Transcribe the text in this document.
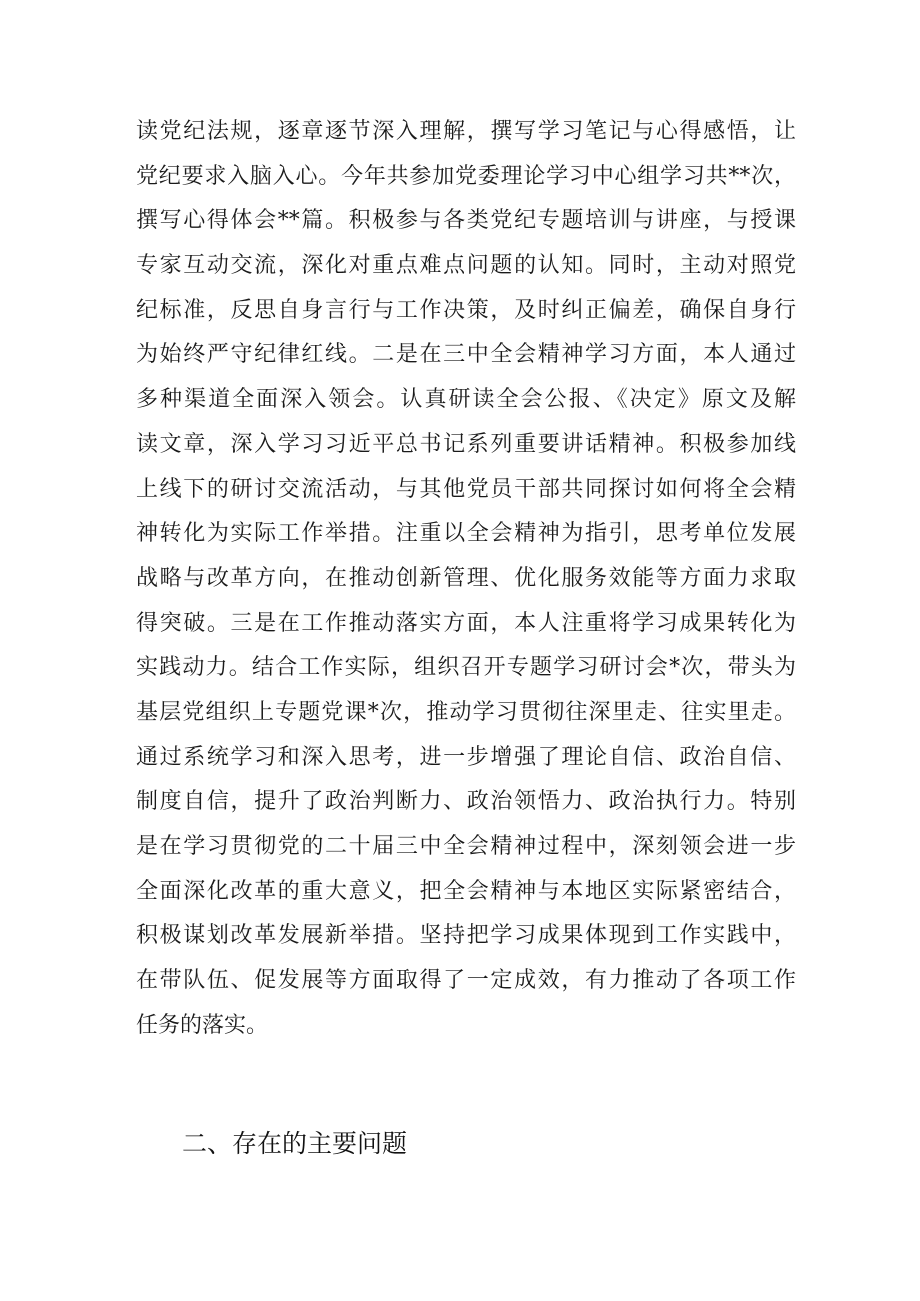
读党纪法规，逐章逐节深入理解，撰写学习笔记与心得感悟，让
党纪要求入脑入心。今年共参加党委理论学习中心组学习共**次，
撰写心得体会**篇。积极参与各类党纪专题培训与讲座，与授课
专家互动交流，深化对重点难点问题的认知。同时，主动对照党
纪标准，反思自身言行与工作决策，及时纠正偏差，确保自身行
为始终严守纪律红线。二是在三中全会精神学习方面，本人通过
多种渠道全面深入领会。认真研读全会公报、《决定》原文及解
读文章，深入学习习近平总书记系列重要讲话精神。积极参加线
上线下的研讨交流活动，与其他党员干部共同探讨如何将全会精
神转化为实际工作举措。注重以全会精神为指引，思考单位发展
战略与改革方向，在推动创新管理、优化服务效能等方面力求取
得突破。三是在工作推动落实方面，本人注重将学习成果转化为
实践动力。结合工作实际，组织召开专题学习研讨会*次，带头为
基层党组织上专题党课*次，推动学习贯彻往深里走、往实里走。
通过系统学习和深入思考，进一步增强了理论自信、政治自信、
制度自信，提升了政治判断力、政治领悟力、政治执行力。特别
是在学习贯彻党的二十届三中全会精神过程中，深刻领会进一步
全面深化改革的重大意义，把全会精神与本地区实际紧密结合，
积极谋划改革发展新举措。坚持把学习成果体现到工作实践中，
在带队伍、促发展等方面取得了一定成效，有力推动了各项工作
任务的落实。
二、存在的主要问题
